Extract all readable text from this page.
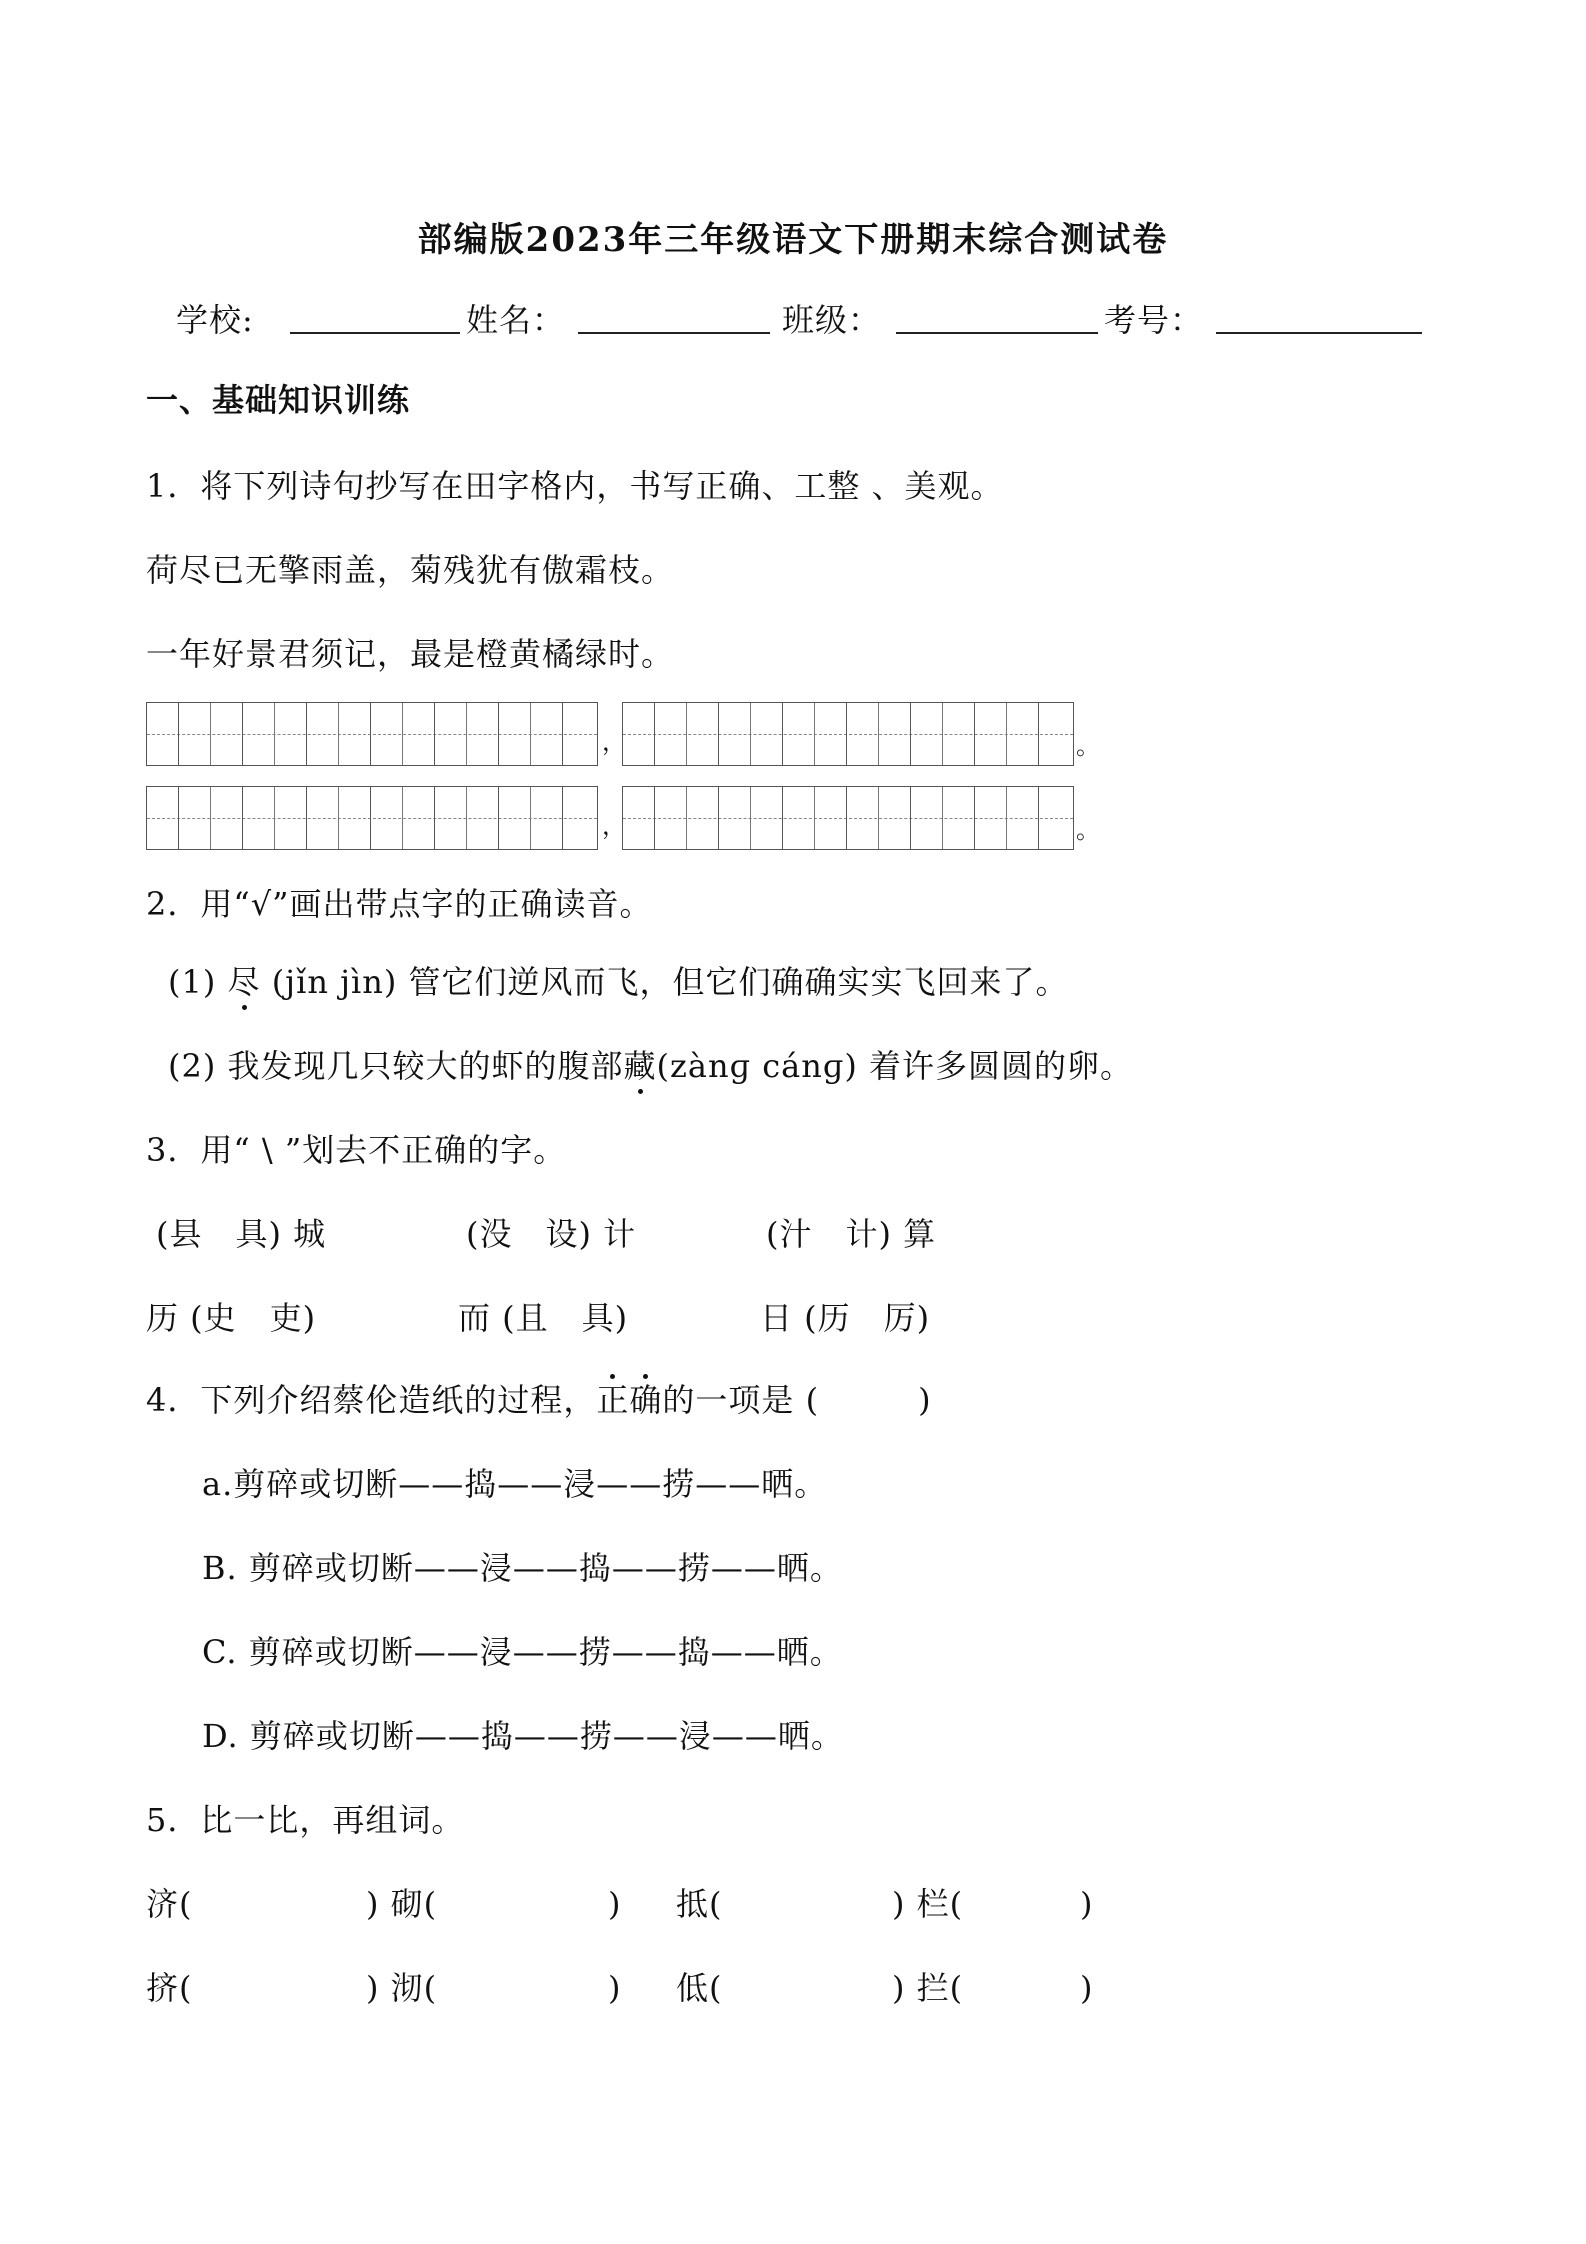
部编版2023年三年级语文下册期末综合测试卷
学校:	姓名：	班级：	考号：
一、基础知识训练
1．将下列诗句抄写在田字格内，书写正确、工整 、美观。
荷尽已无擎雨盖，菊残犹有傲霜枝。
一年好景君须记，最是橙黄橘绿时。
，	。
，	。
2．用“√”画出带点字的正确读音。
(1) 尽 (jǐn jìn) 管它们逆风而飞，但它们确确实实飞回来了。
(2) 我发现几只较大的虾的腹部藏(zànɡ cánɡ) 着许多圆圆的卵。
3．用“ \ ”划去不正确的字。
(县　具) 城	(没　设) 计	(汁　计) 算
历 (史　吏)	而 (且　具)	日 (历　厉)
4．下列介绍蔡伦造纸的过程，正确的一项是 (　　　)
a.剪碎或切断——捣——浸——捞——晒。
B. 剪碎或切断——浸——捣——捞——晒。
C. 剪碎或切断——浸——捞——捣——晒。
D. 剪碎或切断——捣——捞——浸——晒。
5．比一比，再组词。
济(	) 砌(	) 抵(	) 栏(	)
挤(	) 沏(	) 低(	) 拦(	)
